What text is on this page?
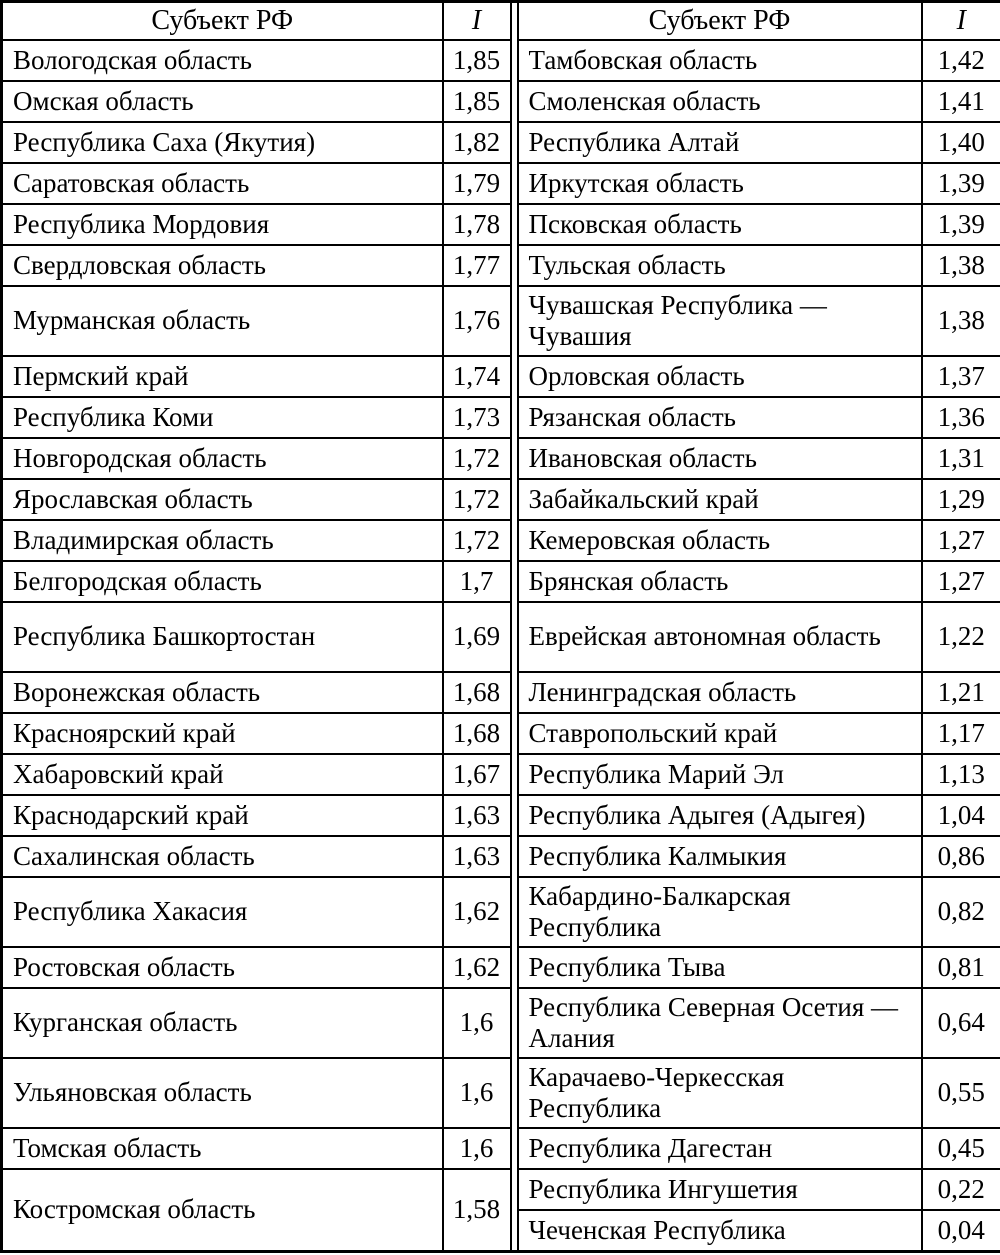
Субъект РФ	I		Субъект РФ	I
Вологодская область	1,85		Тамбовская область	1,42
Омская область	1,85		Смоленская область	1,41
Республика Саха (Якутия)	1,82		Республика Алтай	1,40
Саратовская область	1,79		Иркутская область	1,39
Республика Мордовия	1,78		Псковская область	1,39
Свердловская область	1,77		Тульская область	1,38
Мурманская область	1,76		Чувашская Республика — Чувашия	1,38
Пермский край	1,74		Орловская область	1,37
Республика Коми	1,73		Рязанская область	1,36
Новгородская область	1,72		Ивановская область	1,31
Ярославская область	1,72		Забайкальский край	1,29
Владимирская область	1,72		Кемеровская область	1,27
Белгородская область	1,7		Брянская область	1,27
Республика Башкортостан	1,69		Еврейская автономная область	1,22
Воронежская область	1,68		Ленинградская область	1,21
Красноярский край	1,68		Ставропольский край	1,17
Хабаровский край	1,67		Республика Марий Эл	1,13
Краснодарский край	1,63		Республика Адыгея (Адыгея)	1,04
Сахалинская область	1,63		Республика Калмыкия	0,86
Республика Хакасия	1,62		Кабардино-Балкарская Республика	0,82
Ростовская область	1,62		Республика Тыва	0,81
Курганская область	1,6		Республика Северная Осетия — Алания	0,64
Ульяновская область	1,6		Карачаево-Черкесская Республика	0,55
Томская область	1,6		Республика Дагестан	0,45
Костромская область	1,58		Республика Ингушетия	0,22
			Чеченская Республика	0,04
